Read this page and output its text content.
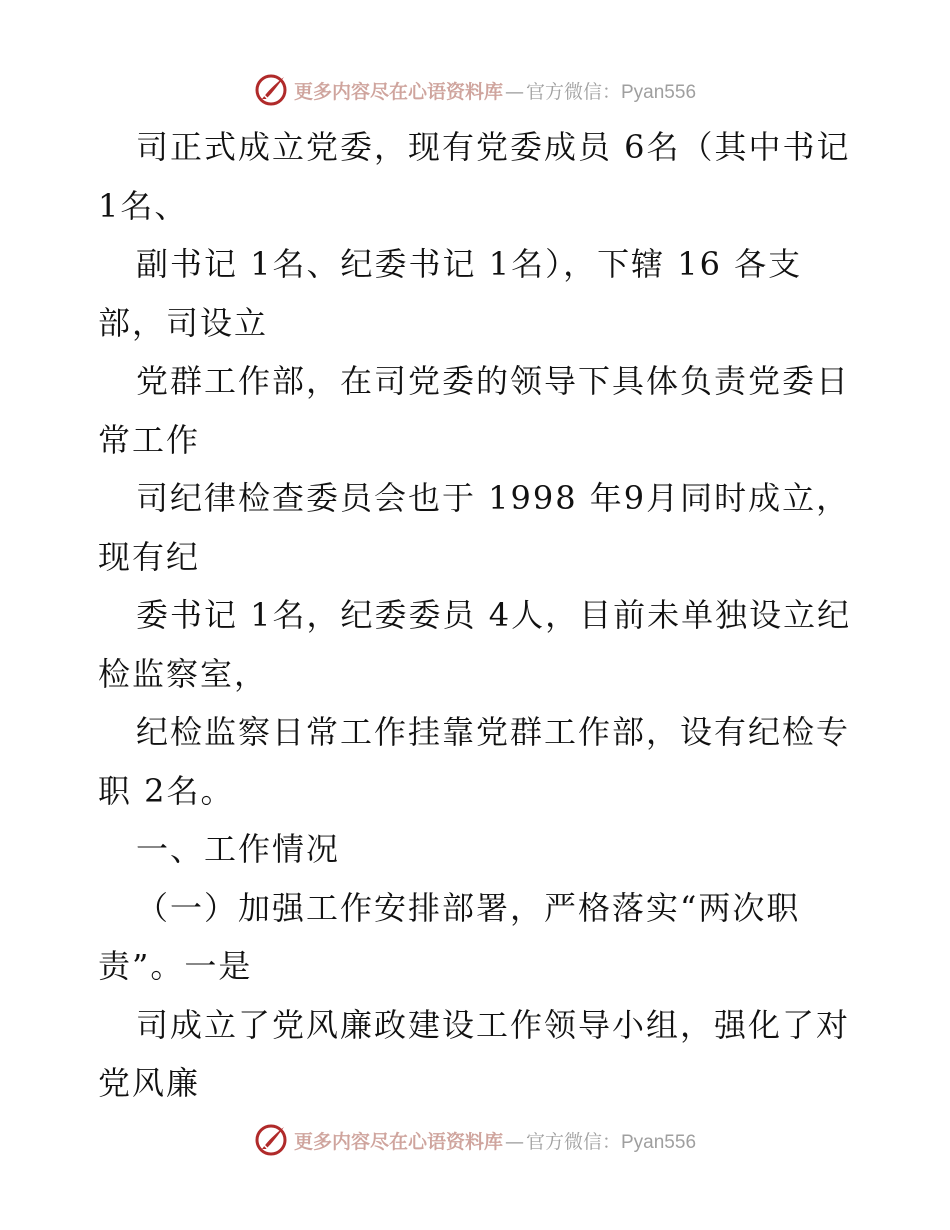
更多内容尽在心语资料库 — 官方微信： Pyan556

司正式成立党委，现有党委成员 6名（其中书记 1名、

副书记 1名、纪委书记 1名），下辖 16 各支部，司设立

党群工作部，在司党委的领导下具体负责党委日常工作

司纪律检查委员会也于 1998 年9月同时成立，现有纪

委书记 1名，纪委委员 4人，目前未单独设立纪检监察室，

纪检监察日常工作挂靠党群工作部，设有纪检专职 2名。

一、工作情况

（一）加强工作安排部署，严格落实“两次职责”。一是

司成立了党风廉政建设工作领导小组，强化了对党风廉

更多内容尽在心语资料库 — 官方微信： Pyan556
